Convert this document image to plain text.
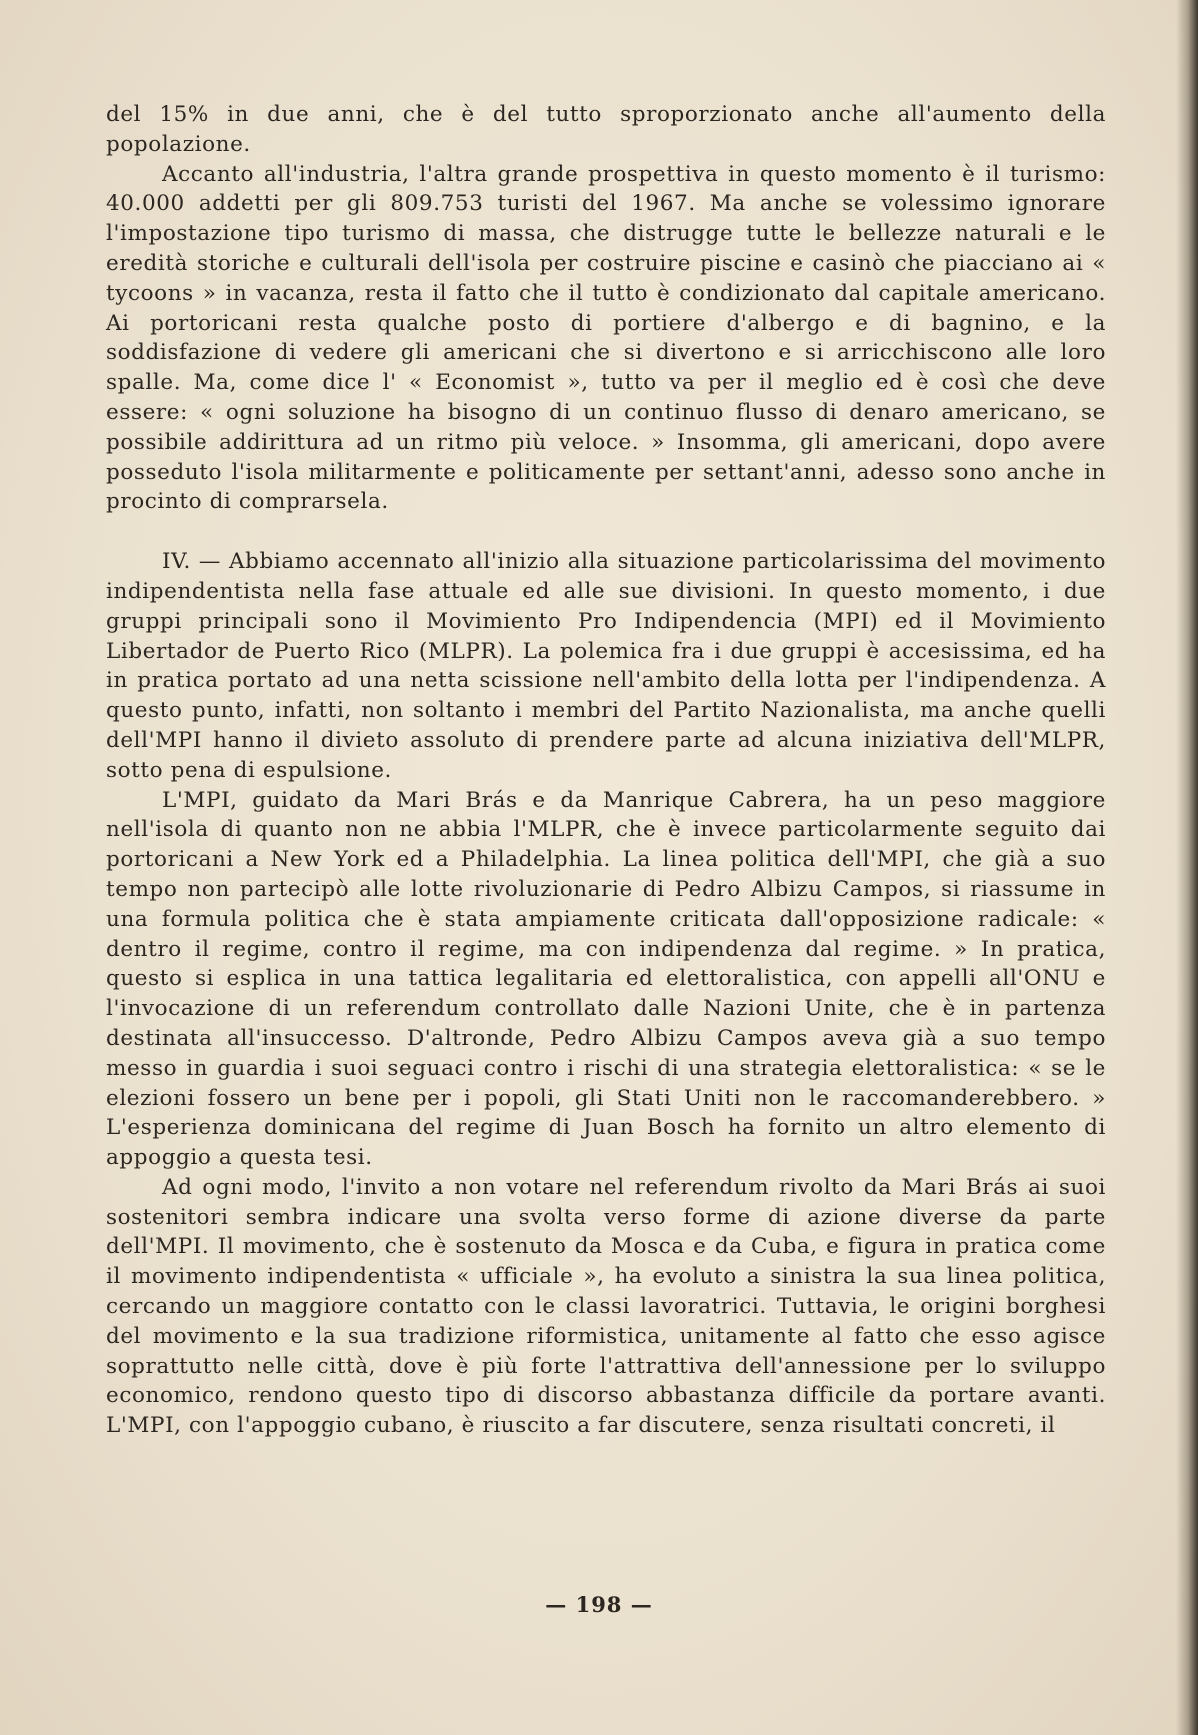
del 15% in due anni, che è del tutto sproporzionato anche all'aumento della popolazione.

Accanto all'industria, l'altra grande prospettiva in questo momento è il turismo: 40.000 addetti per gli 809.753 turisti del 1967. Ma anche se volessimo ignorare l'impostazione tipo turismo di massa, che distrugge tutte le bellezze naturali e le eredità storiche e culturali dell'isola per costruire piscine e casinò che piacciano ai « tycoons » in vacanza, resta il fatto che il tutto è condizionato dal capitale americano. Ai portoricani resta qualche posto di portiere d'albergo e di bagnino, e la soddisfazione di vedere gli americani che si divertono e si arricchiscono alle loro spalle. Ma, come dice l' « Economist », tutto va per il meglio ed è così che deve essere: « ogni soluzione ha bisogno di un continuo flusso di denaro americano, se possibile addirittura ad un ritmo più veloce. » Insomma, gli americani, dopo avere posseduto l'isola militarmente e politicamente per settant'anni, adesso sono anche in procinto di comprarsela.

IV. — Abbiamo accennato all'inizio alla situazione particolarissima del movimento indipendentista nella fase attuale ed alle sue divisioni. In questo momento, i due gruppi principali sono il Movimiento Pro Indipendencia (MPI) ed il Movimiento Libertador de Puerto Rico (MLPR). La polemica fra i due gruppi è accesissima, ed ha in pratica portato ad una netta scissione nell'ambito della lotta per l'indipendenza. A questo punto, infatti, non soltanto i membri del Partito Nazionalista, ma anche quelli dell'MPI hanno il divieto assoluto di prendere parte ad alcuna iniziativa dell'MLPR, sotto pena di espulsione.

L'MPI, guidato da Mari Brás e da Manrique Cabrera, ha un peso maggiore nell'isola di quanto non ne abbia l'MLPR, che è invece particolarmente seguito dai portoricani a New York ed a Philadelphia. La linea politica dell'MPI, che già a suo tempo non partecipò alle lotte rivoluzionarie di Pedro Albizu Campos, si riassume in una formula politica che è stata ampiamente criticata dall'opposizione radicale: « dentro il regime, contro il regime, ma con indipendenza dal regime. » In pratica, questo si esplica in una tattica legalitaria ed elettoralistica, con appelli all'ONU e l'invocazione di un referendum controllato dalle Nazioni Unite, che è in partenza destinata all'insuccesso. D'altronde, Pedro Albizu Campos aveva già a suo tempo messo in guardia i suoi seguaci contro i rischi di una strategia elettoralistica: « se le elezioni fossero un bene per i popoli, gli Stati Uniti non le raccomanderebbero. » L'esperienza dominicana del regime di Juan Bosch ha fornito un altro elemento di appoggio a questa tesi.

Ad ogni modo, l'invito a non votare nel referendum rivolto da Mari Brás ai suoi sostenitori sembra indicare una svolta verso forme di azione diverse da parte dell'MPI. Il movimento, che è sostenuto da Mosca e da Cuba, e figura in pratica come il movimento indipendentista « ufficiale », ha evoluto a sinistra la sua linea politica, cercando un maggiore contatto con le classi lavoratrici. Tuttavia, le origini borghesi del movimento e la sua tradizione riformistica, unitamente al fatto che esso agisce soprattutto nelle città, dove è più forte l'attrattiva dell'annessione per lo sviluppo economico, rendono questo tipo di discorso abbastanza difficile da portare avanti. L'MPI, con l'appoggio cubano, è riuscito a far discutere, senza risultati concreti, il

— 198 —
